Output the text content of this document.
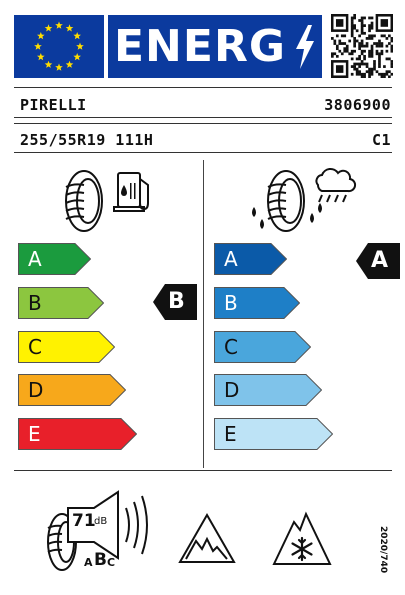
ENERG
PIRELLI	3806900
255/55R19 111H	C1
A
B
C
D
E
A
B
C
D
E
B
A
71
dB
A B C	2020/740
